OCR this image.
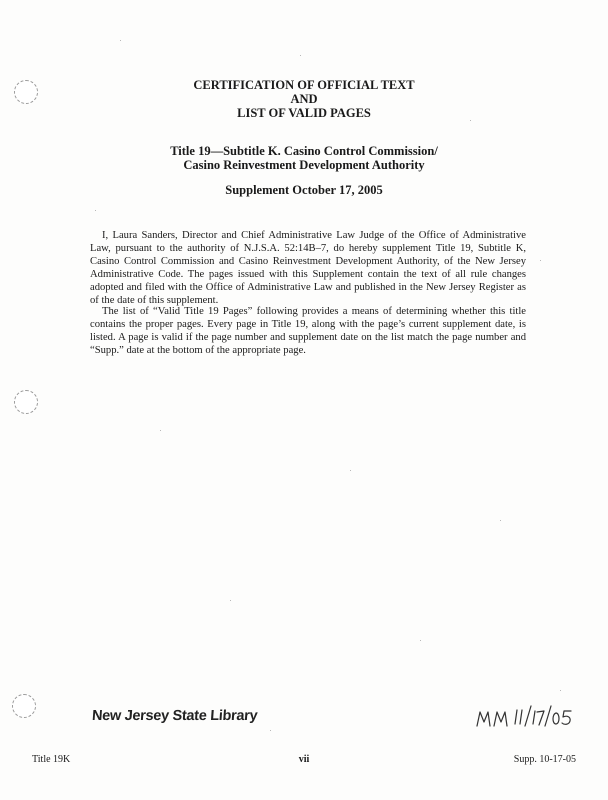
CERTIFICATION OF OFFICIAL TEXT
AND
LIST OF VALID PAGES
Title 19—Subtitle K. Casino Control Commission/
Casino Reinvestment Development Authority
Supplement October 17, 2005

I, Laura Sanders, Director and Chief Administrative Law Judge of the Office of Administrative Law, pursuant to the authority of N.J.S.A. 52:14B–7, do hereby supplement Title 19, Subtitle K, Casino Control Commission and Casino Reinvestment Development Authority, of the New Jersey Administrative Code. The pages issued with this Supplement contain the text of all rule changes adopted and filed with the Office of Administrative Law and published in the New Jersey Register as of the date of this supplement.

The list of “Valid Title 19 Pages” following provides a means of determining whether this title contains the proper pages. Every page in Title 19, along with the page’s current supplement date, is listed. A page is valid if the page number and supplement date on the list match the page number and “Supp.” date at the bottom of the appropriate page.

New Jersey State Library
Title 19K	vii	Supp. 10-17-05
